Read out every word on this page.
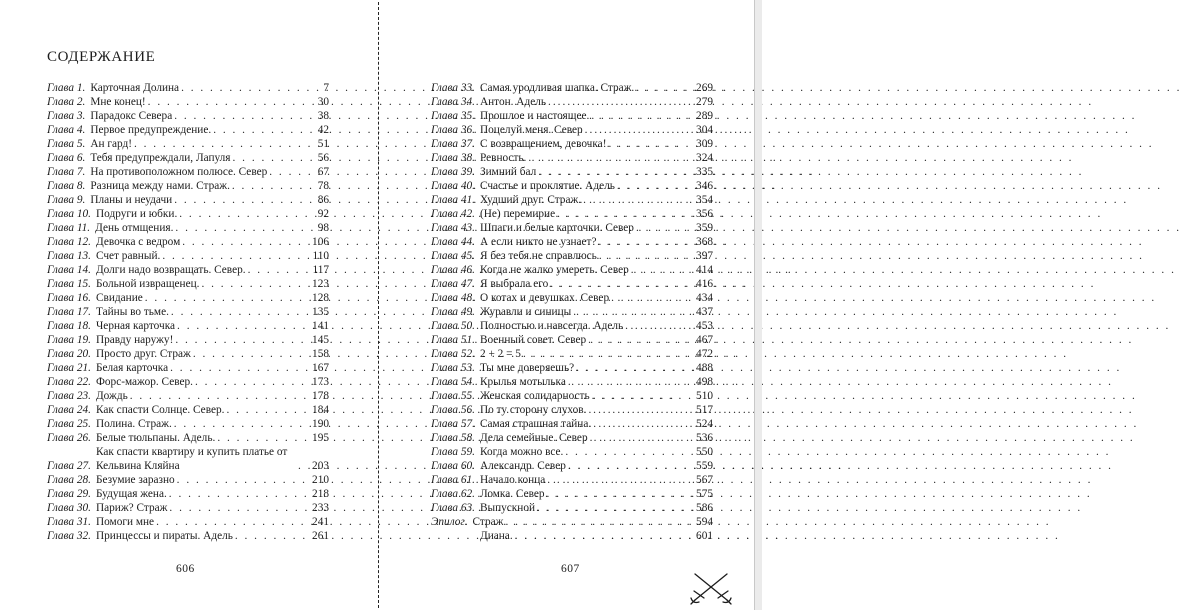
СОДЕРЖАНИЕ
Глава 1. Карточная Долина . . .	7
Глава 2. Мне конец! . . .	30
Глава 3. Парадокс Севера . . .	38
Глава 4. Первое предупреждение. . . .	42
Глава 5. Ан гард! . . .	51
Глава 6. Тебя предупреждали, Лапуля . . .	56
Глава 7. На противоположном полюсе. Север . . .	67
Глава 8. Разница между нами. Страж. . . .	78
Глава 9. Планы и неудачи . . .	86
Глава 10. Подруги и юбки. . . .	92
Глава 11. День отмщения. . . .	98
Глава 12. Девочка с ведром . . .	106
Глава 13. Счет равный. . . .	110
Глава 14. Долги надо возвращать. Север. . . .	117
Глава 15. Больной извращенец. . . .	123
Глава 16. Свидание . . .	128
Глава 17. Тайны во тьме. . . .	135
Глава 18. Черная карточка . . .	141
Глава 19. Правду наружу! . . .	145
Глава 20. Просто друг. Страж . . .	158
Глава 21. Белая карточка . . .	167
Глава 22. Форс-мажор. Север. . . .	173
Глава 23. Дождь . . .	178
Глава 24. Как спасти Солнце. Север. . . .	184
Глава 25. Полина. Страж. . . .	190
Глава 26. Белые тюльпаны. Адель. . . .	195
Глава 27.
Как спасти квартиру и купить платье от Кельвина Кляйна . . .	203
Глава 28. Безумие заразно . . .	210
Глава 29. Будущая жена. . . .	218
Глава 30. Париж? Страж . . .	233
Глава 31. Помоги мне . . .	241
Глава 32. Принцессы и пираты. Адель . . .	261
606
Глава 33. Самая уродливая шапка. Страж. . . .	269
Глава 34. Антон. Адель . . .	279
Глава 35. Прошлое и настоящее. . . .	289
Глава 36. Поцелуй меня. Север . . .	304
Глава 37. С возвращением, девочка! . . .	309
Глава 38. Ревность. . . .	324
Глава 39. Зимний бал . . .	335
Глава 40. Счастье и проклятие. Адель . . .	346
Глава 41. Худший друг. Страж. . . .	354
Глава 42. (Не) перемирие . . .	356
Глава 43. Шпаги и белые карточки. Север . . .	359
Глава 44. А если никто не узнает? . . .	368
Глава 45. Я без тебя не справлюсь . . .	397
Глава 46. Когда не жалко умереть. Север . . .	414
Глава 47. Я выбрала его . . .	416
Глава 48. О котах и девушках. Север . . .	434
Глава 49. Журавли и синицы . . .	437
Глава 50. Полностью и навсегда. Адель . . .	453
Глава 51. Военный совет. Север . . .	467
Глава 52. 2 + 2 = 5 . . .	472
Глава 53. Ты мне доверяешь? . . .	488
Глава 54. Крылья мотылька . . .	498
Глава 55. Женская солидарность . . .	510
Глава 56. По ту сторону слухов. . . .	517
Глава 57. Самая страшная тайна. . . .	524
Глава 58. Дела семейные. Север . . .	536
Глава 59. Когда можно все. . . .	550
Глава 60. Александр. Север . . .	559
Глава 61. Начало конца . . .	567
Глава 62. Ломка. Север . . .	575
Глава 63. Выпускной . . .	586
Эпилог. Страж . . .	594
Диана. . . .	601
607
